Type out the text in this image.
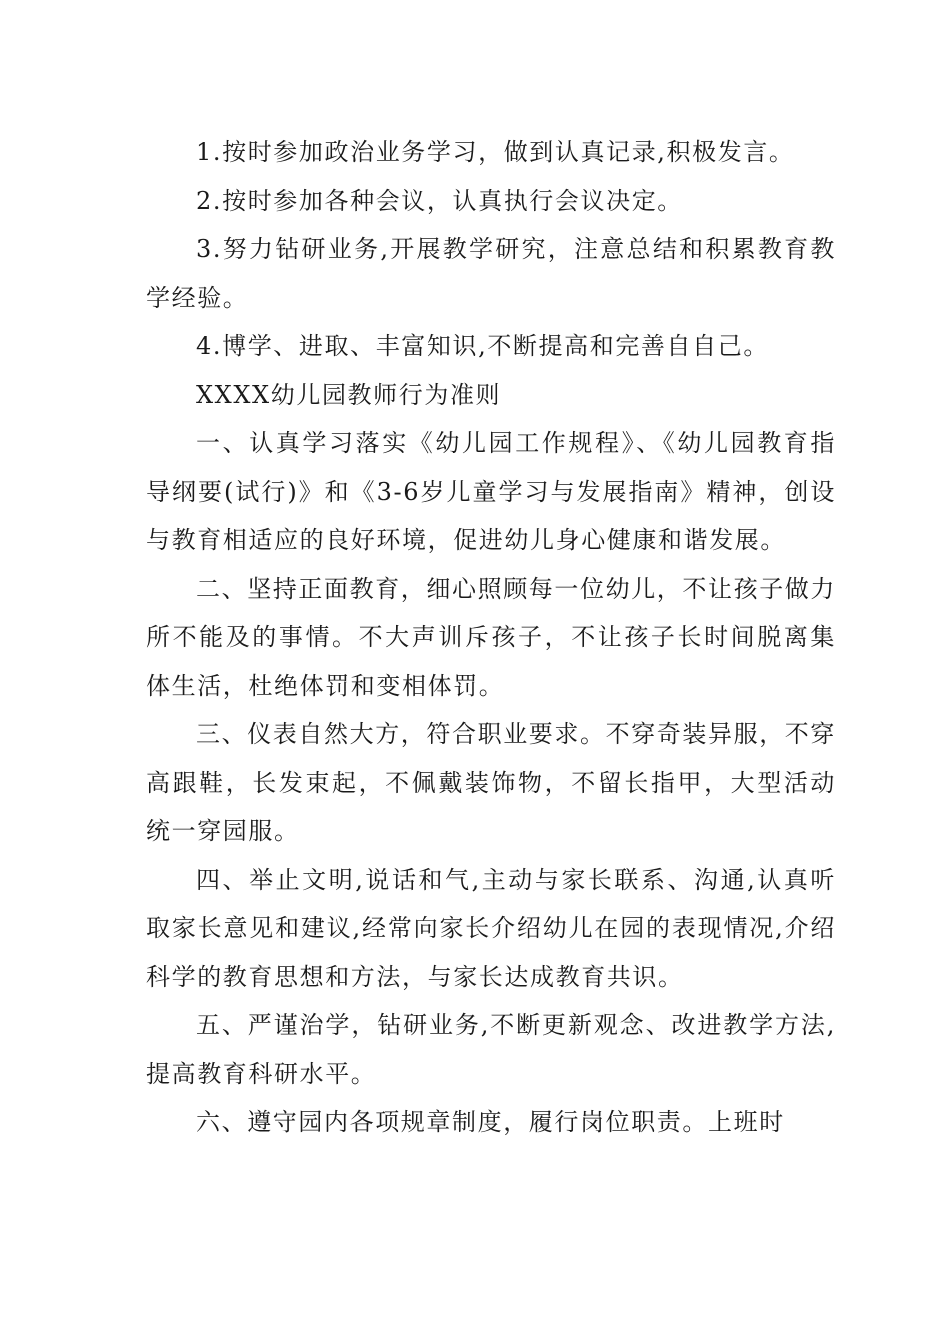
1.按时参加政治业务学习，做到认真记录,积极发言。

2.按时参加各种会议，认真执行会议决定。

3.努力钻研业务,开展教学研究，注意总结和积累教育教学经验。

4.博学、进取、丰富知识,不断提高和完善自自己。

XXXX幼儿园教师行为准则

一、认真学习落实《幼儿园工作规程》、《幼儿园教育指导纲要(试行)》和《3-6岁儿童学习与发展指南》精神，创设与教育相适应的良好环境，促进幼儿身心健康和谐发展。

二、坚持正面教育，细心照顾每一位幼儿，不让孩子做力所不能及的事情。不大声训斥孩子，不让孩子长时间脱离集体生活，杜绝体罚和变相体罚。

三、仪表自然大方，符合职业要求。不穿奇装异服，不穿高跟鞋，长发束起，不佩戴装饰物，不留长指甲，大型活动统一穿园服。

四、举止文明,说话和气,主动与家长联系、沟通,认真听取家长意见和建议,经常向家长介绍幼儿在园的表现情况,介绍科学的教育思想和方法，与家长达成教育共识。

五、严谨治学，钻研业务,不断更新观念、改进教学方法,提高教育科研水平。

六、遵守园内各项规章制度，履行岗位职责。上班时
